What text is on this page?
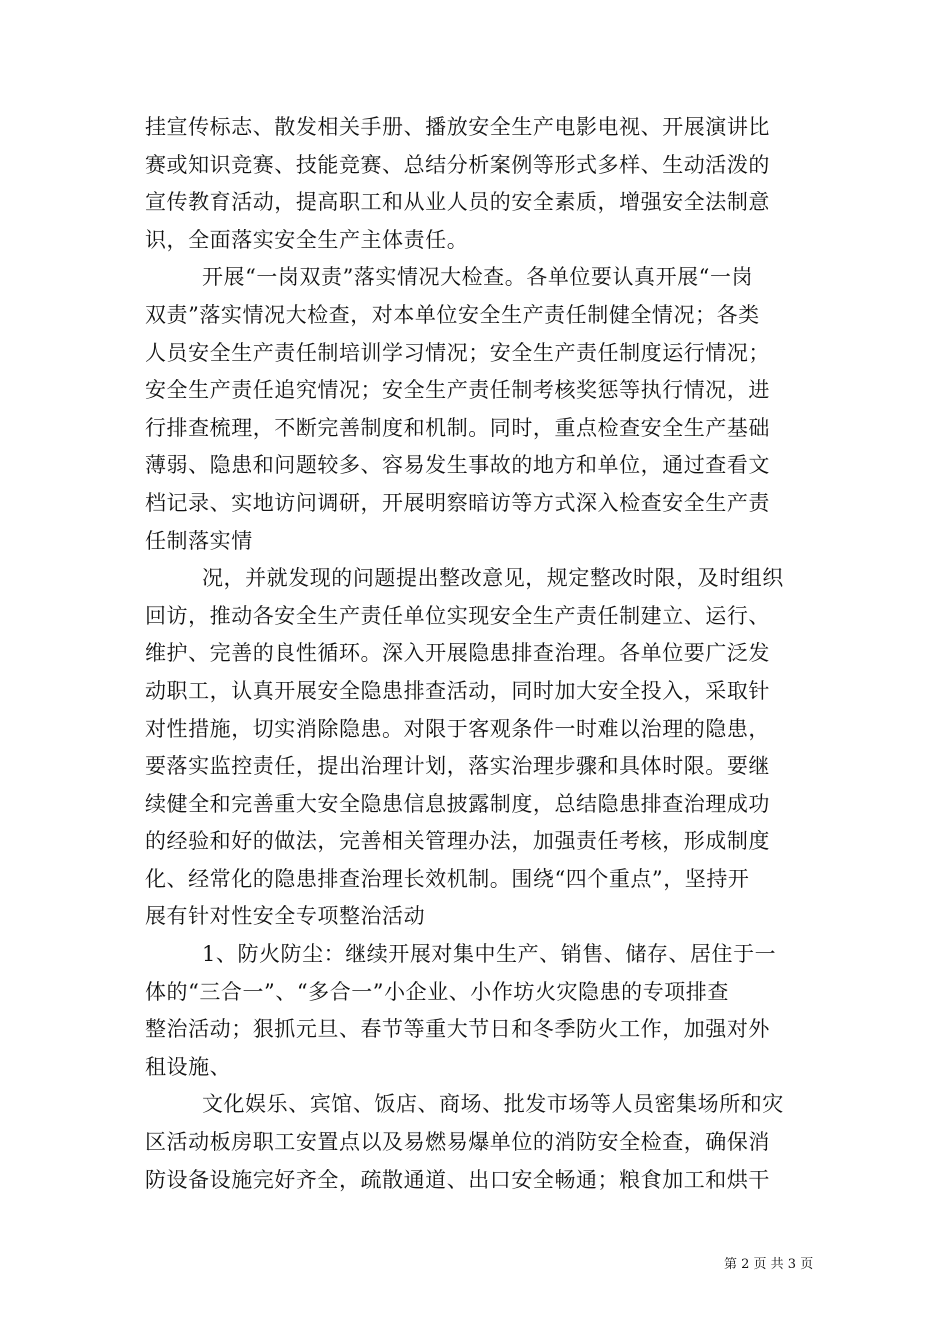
挂宣传标志、散发相关手册、播放安全生产电影电视、开展演讲比
赛或知识竞赛、技能竞赛、总结分析案例等形式多样、生动活泼的
宣传教育活动，提高职工和从业人员的安全素质，增强安全法制意
识，全面落实安全生产主体责任。
开展“一岗双责”落实情况大检查。各单位要认真开展“一岗
双责”落实情况大检查，对本单位安全生产责任制健全情况；各类
人员安全生产责任制培训学习情况；安全生产责任制度运行情况；
安全生产责任追究情况；安全生产责任制考核奖惩等执行情况，进
行排查梳理，不断完善制度和机制。同时，重点检查安全生产基础
薄弱、隐患和问题较多、容易发生事故的地方和单位，通过查看文
档记录、实地访问调研，开展明察暗访等方式深入检查安全生产责
任制落实情
况，并就发现的问题提出整改意见，规定整改时限，及时组织
回访，推动各安全生产责任单位实现安全生产责任制建立、运行、
维护、完善的良性循环。深入开展隐患排查治理。各单位要广泛发
动职工，认真开展安全隐患排查活动，同时加大安全投入，采取针
对性措施，切实消除隐患。对限于客观条件一时难以治理的隐患，
要落实监控责任，提出治理计划，落实治理步骤和具体时限。要继
续健全和完善重大安全隐患信息披露制度，总结隐患排查治理成功
的经验和好的做法，完善相关管理办法，加强责任考核，形成制度
化、经常化的隐患排查治理长效机制。围绕“四个重点”，坚持开
展有针对性安全专项整治活动
1、防火防尘：继续开展对集中生产、销售、储存、居住于一
体的“三合一”、“多合一”小企业、小作坊火灾隐患的专项排查
整治活动；狠抓元旦、春节等重大节日和冬季防火工作，加强对外
租设施、
文化娱乐、宾馆、饭店、商场、批发市场等人员密集场所和灾
区活动板房职工安置点以及易燃易爆单位的消防安全检查，确保消
防设备设施完好齐全，疏散通道、出口安全畅通；粮食加工和烘干
第 2 页 共 3 页
